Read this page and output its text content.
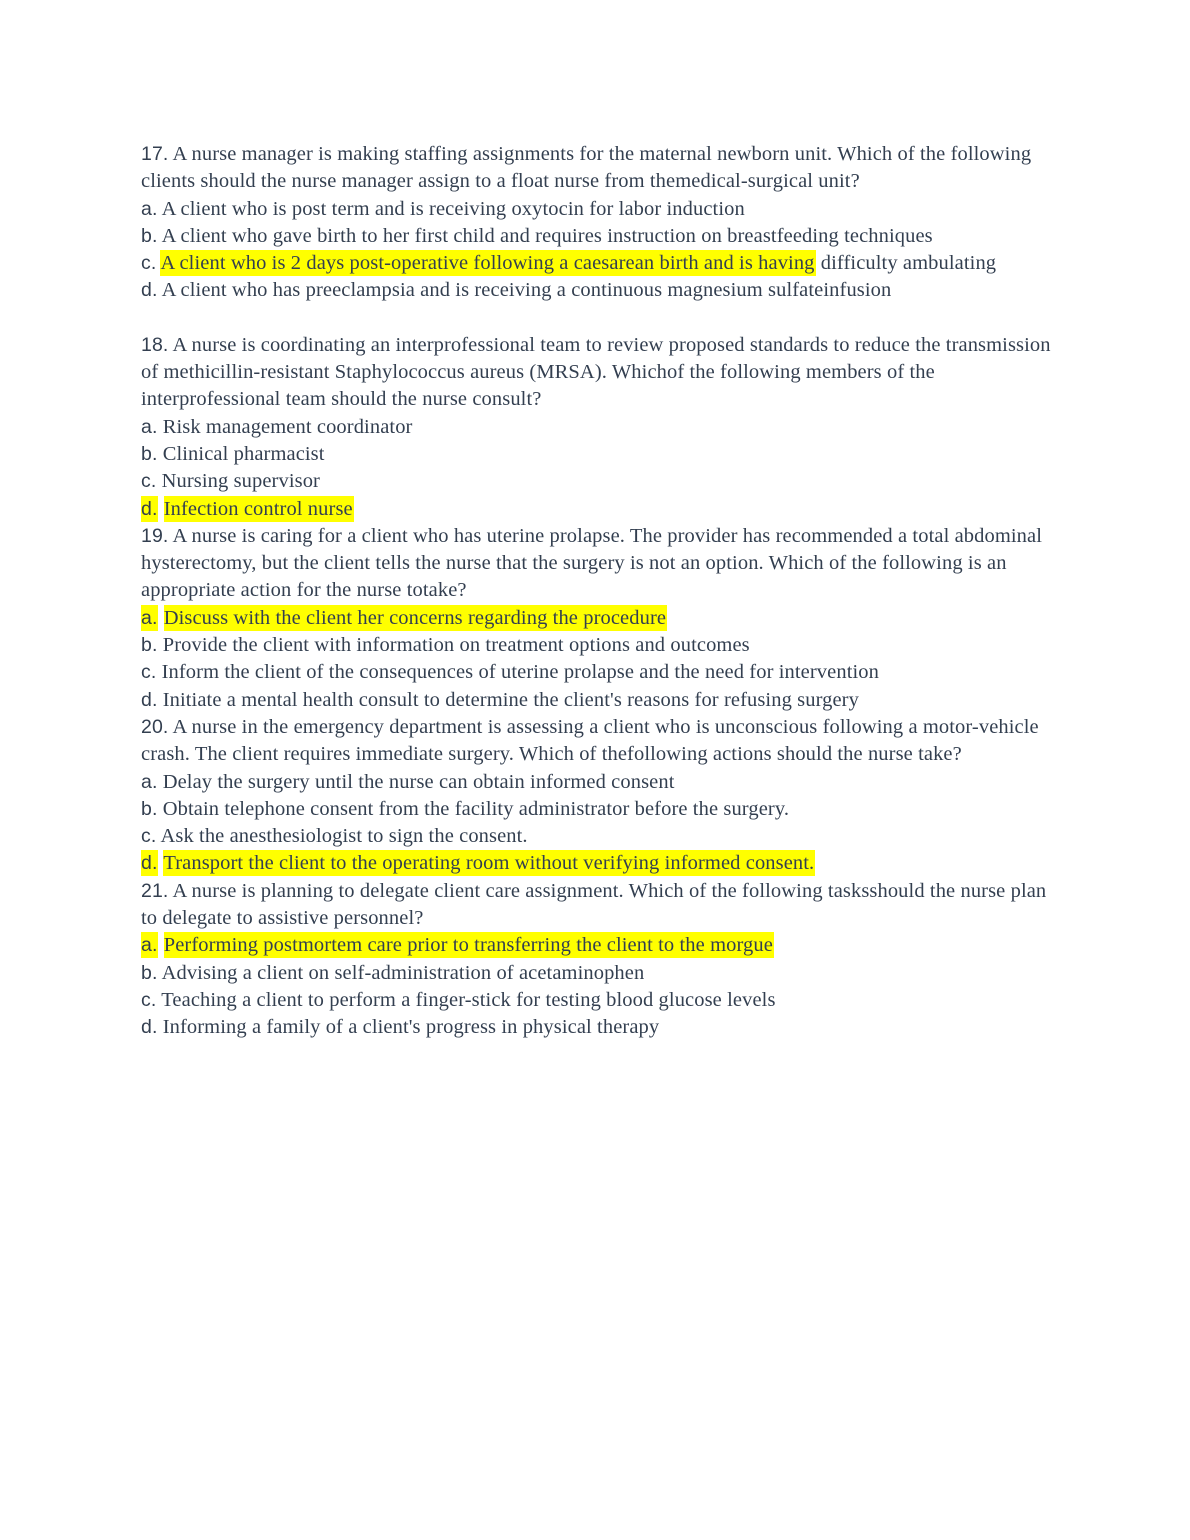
17. A nurse manager is making staffing assignments for the maternal newborn unit. Which of the following clients should the nurse manager assign to a float nurse from themedical-surgical unit?

a. A client who is post term and is receiving oxytocin for labor induction

b. A client who gave birth to her first child and requires instruction on breastfeeding techniques

c. A client who is 2 days post-operative following a caesarean birth and is having difficulty ambulating

d. A client who has preeclampsia and is receiving a continuous magnesium sulfateinfusion

18. A nurse is coordinating an interprofessional team to review proposed standards to reduce the transmission of methicillin-resistant Staphylococcus aureus (MRSA). Whichof the following members of the interprofessional team should the nurse consult?

a. Risk management coordinator

b. Clinical pharmacist

c. Nursing supervisor

d. Infection control nurse

19. A nurse is caring for a client who has uterine prolapse. The provider has recommended a total abdominal hysterectomy, but the client tells the nurse that the surgery is not an option. Which of the following is an appropriate action for the nurse totake?

a. Discuss with the client her concerns regarding the procedure

b. Provide the client with information on treatment options and outcomes

c. Inform the client of the consequences of uterine prolapse and the need for intervention

d. Initiate a mental health consult to determine the client's reasons for refusing surgery

20. A nurse in the emergency department is assessing a client who is unconscious following a motor-vehicle crash. The client requires immediate surgery. Which of thefollowing actions should the nurse take?

a. Delay the surgery until the nurse can obtain informed consent

b. Obtain telephone consent from the facility administrator before the surgery.

c. Ask the anesthesiologist to sign the consent.

d. Transport the client to the operating room without verifying informed consent.

21. A nurse is planning to delegate client care assignment. Which of the following tasksshould the nurse plan to delegate to assistive personnel?

a. Performing postmortem care prior to transferring the client to the morgue

b. Advising a client on self-administration of acetaminophen

c. Teaching a client to perform a finger-stick for testing blood glucose levels

d. Informing a family of a client's progress in physical therapy
